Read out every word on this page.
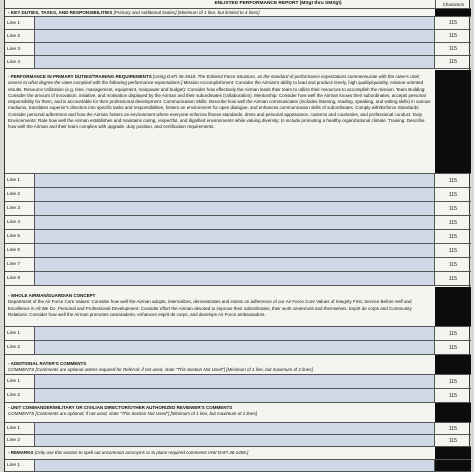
ENLISTED PERFORMANCE REPORT (MSgt thru SMSgt)	Characters
- KEY DUTIES, TASKS, AND RESPONSIBILITIES [Primary and Additional Duties] [Minimum of 1 line, but limited to 4 lines]
- PERFORMANCE IN PRIMARY DUTIES/TRAINING REQUIREMENTS [Using DAFI 36-2618, The Enlisted Force Structure, as the standard of performance expectations commensurate with the ratee's rank; assess to what degree the ratee complied with the following performance expectations.] Mission Accomplishment: Consider the Airman's ability to lead and produce timely, high quality/quantity, mission-oriented results. Resource Utilization (e.g. time, management, equipment, manpower and budget): Consider how effectively the Airman leads their team to utilize their resources to accomplish the mission. Team Building: Consider the amount of innovation, initiative, and motivation displayed by the Airman and their subordinates (collaboration). Mentorship: Consider how well the Airman knows their subordinates, accepts personal responsibility for them, and is accountable for their professional development. Communication Skills: Describe how well the Airman communicates (includes listening, reading, speaking, and writing skills) in various mediums, translates superior's direction into specific tasks and responsibilities, fosters an environment for open dialogue, and enhances communication skills of subordinates. Comply with/Enforce Standards: Consider personal adherence and how the Airman fosters an environment where everyone enforces fitness standards, dress and personal appearance, customs and courtesies, and professional conduct. Duty Environments: Rate how well the Airman establishes and maintains caring, respectful, and dignified environments while valuing diversity; to include promoting a healthy organizational climate. Training: Describe how well the Airman and their team complies with upgrade, duty position, and certification requirements.
- WHOLE AIRMAN/GUARDIAN CONCEPT
Department of the Air Force Core Values: Consider how well the Airman adopts, internalizes, demonstrates and insists on adherence of our Air Force Core Values of Integrity First, Service Before Self and Excellence in All We Do. Personal and Professional Development: Consider effort the Airman devoted to improve their subordinates, their work center/unit and themselves. Esprit de corps and Community Relations: Consider how well the Airman promotes camaraderie, enhances esprit de corps, and develops Air Force ambassadors.
- ADDITIONAL RATER'S COMMENTS
COMMENTS [Comments are optional unless required for Referral; if not used, state "This Section Not Used"] [Minimum of 1 line, but maximum of 2 lines]
- UNIT COMMANDER/MILITARY OR CIVILIAN DIRECTOR/OTHER AUTHORIZED REVIEWER'S COMMENTS
COMMENTS [Comments are optional; if not used, state "This Section Not Used"] [Minimum of 1 line, but maximum of 2 lines]
- REMARKS [Only use this section to spell out uncommon acronyms or to place required comments IAW DAFI 36-2406.]
Line 1	115
Line 2	115
Line 3	115
Line 4	115
Line 1	115
Line 2	115
Line 3	115
Line 4	115
Line 5	115
Line 6	115
Line 7	115
Line 8	115
Line 1	115
Line 2	115
Line 1	115
Line 2	115
Line 1	115
Line 2	115
Line 1
